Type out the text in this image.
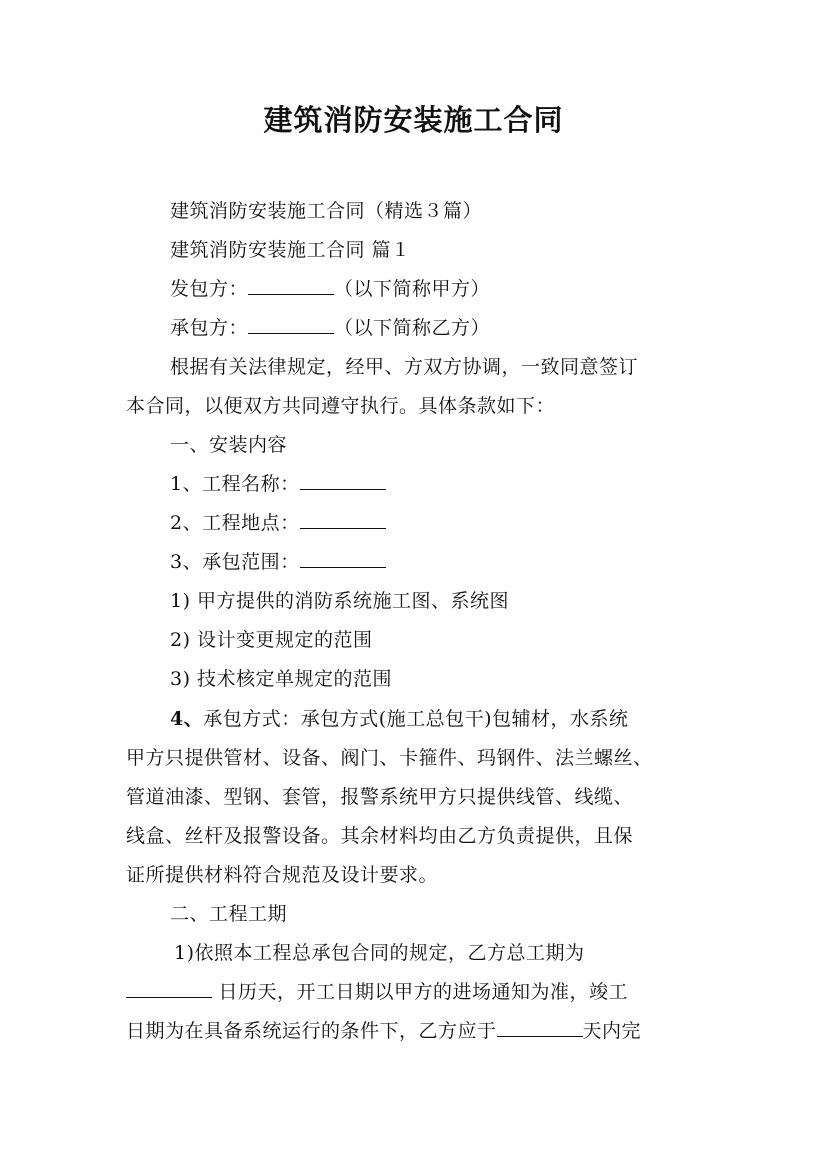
建筑消防安装施工合同
建筑消防安装施工合同（精选３篇）
建筑消防安装施工合同 篇１
发包方：	（以下简称甲方）
承包方：	（以下简称乙方）
根据有关法律规定，经甲、方双方协调，一致同意签订
本合同，以便双方共同遵守执行。具体条款如下：
一、安装内容
1、工程名称：
2、工程地点：
3、承包范围：
1) 甲方提供的消防系统施工图、系统图
2) 设计变更规定的范围
3) 技术核定单规定的范围
4、承包方式：承包方式(施工总包干)包辅材，水系统
甲方只提供管材、设备、阀门、卡箍件、玛钢件、法兰螺丝、
管道油漆、型钢、套管，报警系统甲方只提供线管、线缆、
线盒、丝杆及报警设备。其余材料均由乙方负责提供，且保
证所提供材料符合规范及设计要求。
二、工程工期
1)依照本工程总承包合同的规定，乙方总工期为
日历天，开工日期以甲方的进场通知为准，竣工
日期为在具备系统运行的条件下，乙方应于	天内完
